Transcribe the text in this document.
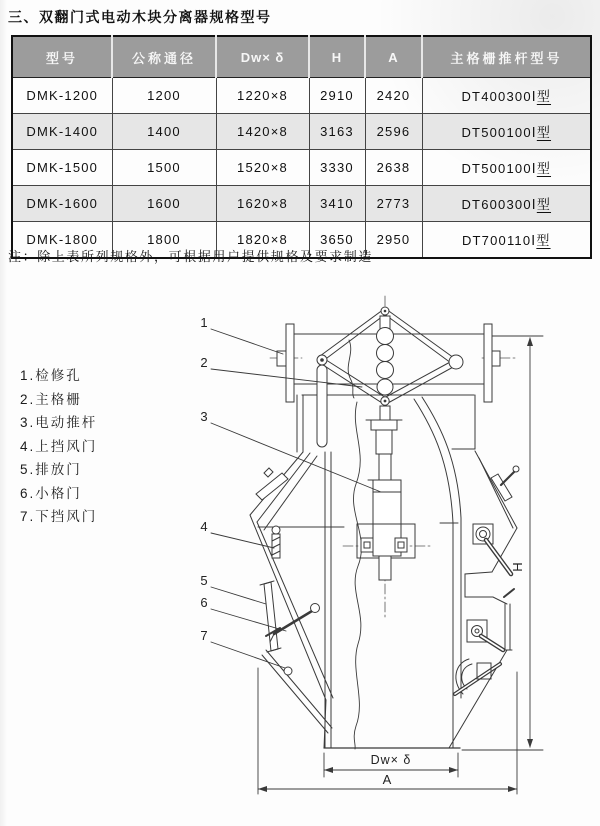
三、双翻门式电动木块分离器规格型号
型号	公称通径	Dw× δ	H	A	主格栅推杆型号
DMK-1200	1200	1220×8	2910	2420	DT400300Ⅰ型
DMK-1400	1400	1420×8	3163	2596	DT500100Ⅰ型
DMK-1500	1500	1520×8	3330	2638	DT500100Ⅰ型
DMK-1600	1600	1620×8	3410	2773	DT600300Ⅰ型
DMK-1800	1800	1820×8	3650	2950	DT700110Ⅰ型
注：除上表所列规格外，可根据用户提供规格及要求制造
1.检修孔
2.主格栅
3.电动推杆
4.上挡风门
5.排放门
6.小格门
7.下挡风门
1
2
3
4
5
6
7
H
Dw× δ
A
